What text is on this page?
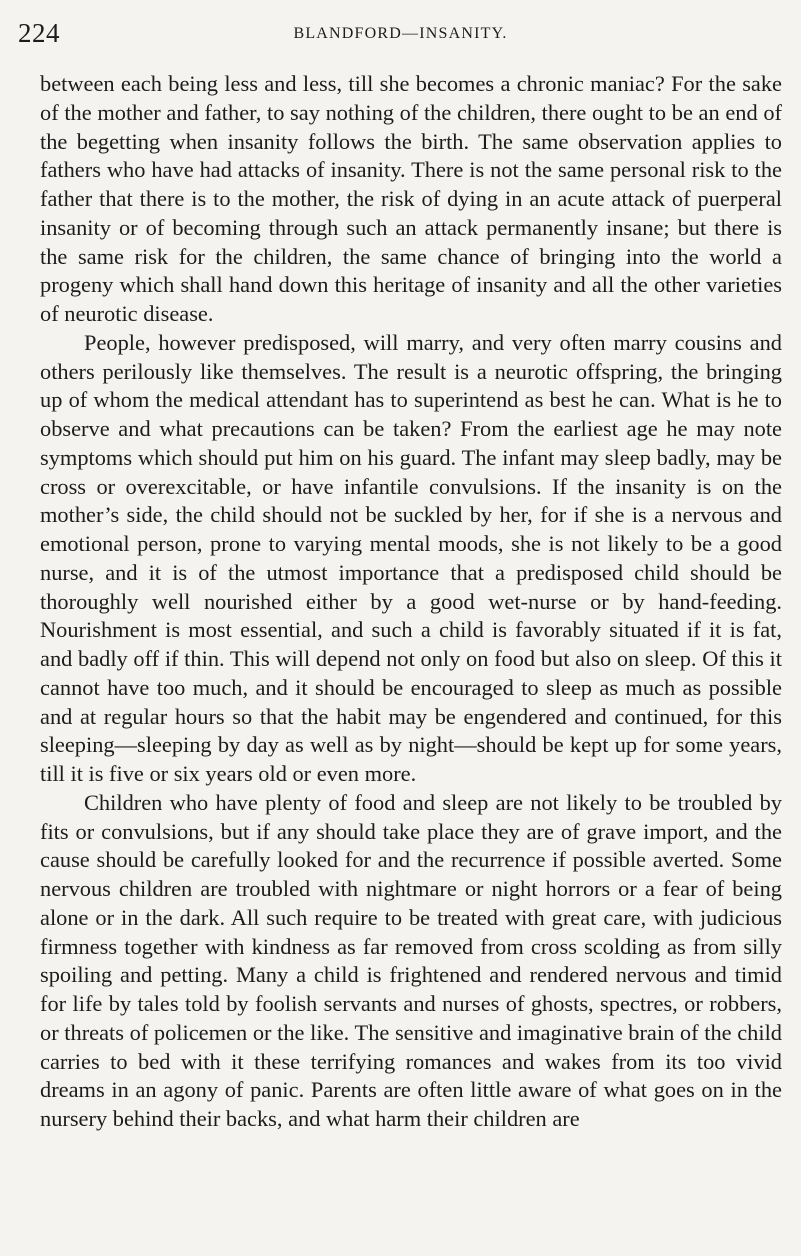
224	BLANDFORD—INSANITY.

between each being less and less, till she becomes a chronic maniac? For the sake of the mother and father, to say nothing of the children, there ought to be an end of the begetting when insanity follows the birth. The same observation applies to fathers who have had attacks of insanity. There is not the same personal risk to the father that there is to the mother, the risk of dying in an acute attack of puerperal insanity or of becoming through such an attack permanently insane; but there is the same risk for the children, the same chance of bringing into the world a progeny which shall hand down this heritage of insanity and all the other varieties of neurotic disease.

People, however predisposed, will marry, and very often marry cousins and others perilously like themselves. The result is a neurotic offspring, the bringing up of whom the medical attendant has to superintend as best he can. What is he to observe and what precautions can be taken? From the earliest age he may note symptoms which should put him on his guard. The infant may sleep badly, may be cross or overexcitable, or have infantile convulsions. If the insanity is on the mother’s side, the child should not be suckled by her, for if she is a nervous and emotional person, prone to varying mental moods, she is not likely to be a good nurse, and it is of the utmost importance that a predisposed child should be thoroughly well nourished either by a good wet-nurse or by hand-feeding. Nourishment is most essential, and such a child is favorably situated if it is fat, and badly off if thin. This will depend not only on food but also on sleep. Of this it cannot have too much, and it should be encouraged to sleep as much as possible and at regular hours so that the habit may be engendered and continued, for this sleeping—sleeping by day as well as by night—should be kept up for some years, till it is five or six years old or even more.

Children who have plenty of food and sleep are not likely to be troubled by fits or convulsions, but if any should take place they are of grave import, and the cause should be carefully looked for and the recurrence if possible averted. Some nervous children are troubled with nightmare or night horrors or a fear of being alone or in the dark. All such require to be treated with great care, with judicious firmness together with kindness as far removed from cross scolding as from silly spoiling and petting. Many a child is frightened and rendered nervous and timid for life by tales told by foolish servants and nurses of ghosts, spectres, or robbers, or threats of policemen or the like. The sensitive and imaginative brain of the child carries to bed with it these terrifying romances and wakes from its too vivid dreams in an agony of panic. Parents are often little aware of what goes on in the nursery behind their backs, and what harm their children are
